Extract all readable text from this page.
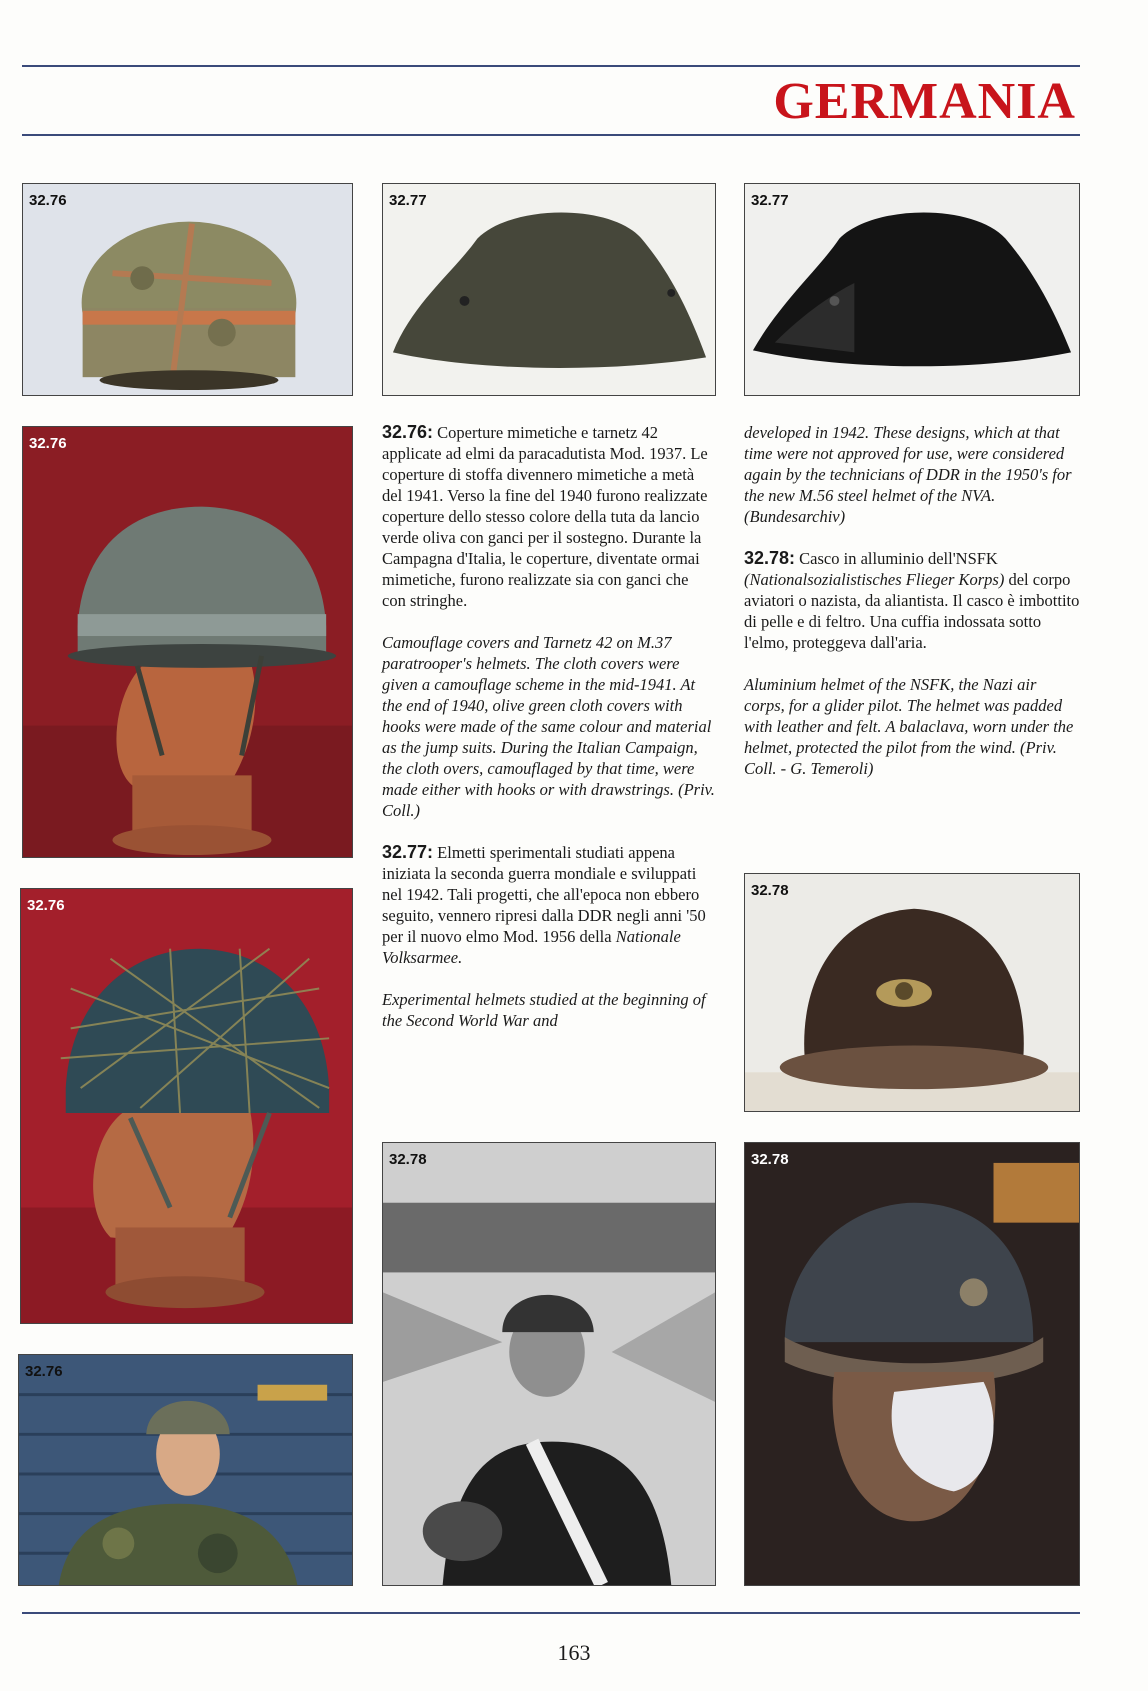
GERMANIA
32.76	32.77	32.77
32.76
32.76
32.76
32.78
32.78	32.78

32.76: Coperture mimetiche e tarnetz 42 applicate ad elmi da paracadutista Mod. 1937. Le coperture di stoffa divennero mimetiche a metà del 1941. Verso la fine del 1940 furono realizzate coperture dello stesso colore della tuta da lancio verde oliva con ganci per il sostegno. Durante la Campagna d'Italia, le coperture, diventate ormai mimetiche, furono realizzate sia con ganci che con stringhe.

Camouflage covers and Tarnetz 42 on M.37 paratrooper's helmets. The cloth covers were given a camouflage scheme in the mid-1941. At the end of 1940, olive green cloth covers with hooks were made of the same colour and material as the jump suits. During the Italian Campaign, the cloth overs, camouflaged by that time, were made either with hooks or with drawstrings. (Priv. Coll.)

32.77: Elmetti sperimentali studiati appena iniziata la seconda guerra mondiale e sviluppati nel 1942. Tali progetti, che all'epoca non ebbero seguito, vennero ripresi dalla DDR negli anni '50 per il nuovo elmo Mod. 1956 della Nationale Volksarmee.

Experimental helmets studied at the beginning of the Second World War and

developed in 1942. These designs, which at that time were not approved for use, were considered again by the technicians of DDR in the 1950's for the new M.56 steel helmet of the NVA. (Bundesarchiv)

32.78: Casco in alluminio dell'NSFK (Nationalsozialistisches Flieger Korps) del corpo aviatori o nazista, da aliantista. Il casco è imbottito di pelle e di feltro. Una cuffia indossata sotto l'elmo, proteggeva dall'aria.

Aluminium helmet of the NSFK, the Nazi air corps, for a glider pilot. The helmet was padded with leather and felt. A balaclava, worn under the helmet, protected the pilot from the wind. (Priv. Coll. - G. Temeroli)

163
